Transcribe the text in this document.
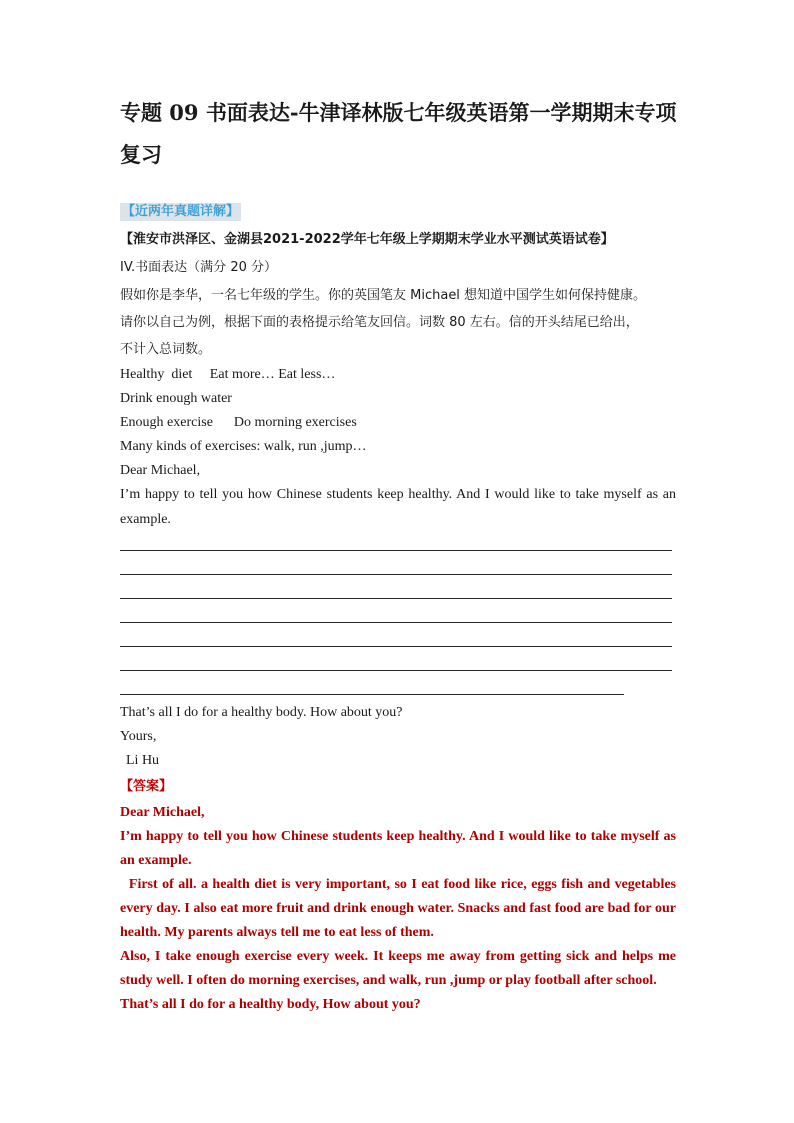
专题 09 书面表达-牛津译林版七年级英语第一学期期末专项复习
【近两年真题详解】
【淮安市洪泽区、金湖县2021-2022学年七年级上学期期末学业水平测试英语试卷】
IV.书面表达（满分 20 分）
假如你是李华，一名七年级的学生。你的英国笔友 Michael 想知道中国学生如何保持健康。
请你以自己为例，根据下面的表格提示给笔友回信。词数 80 左右。信的开头结尾已给出，
不计入总词数。
Healthy  diet     Eat more… Eat less…
Drink enough water
Enough exercise      Do morning exercises
Many kinds of exercises: walk, run ,jump…
Dear Michael,
I’m happy to tell you how Chinese students keep healthy. And I would like to take myself as an example.
That’s all I do for a healthy body. How about you?
Yours,
Li Hu
【答案】
Dear Michael,
I’m happy to tell you how Chinese students keep healthy. And I would like to take myself as an example.
First of all. a health diet is very important, so I eat food like rice, eggs fish and vegetables every day. I also eat more fruit and drink enough water. Snacks and fast food are bad for our health. My parents always tell me to eat less of them.
Also, I take enough exercise every week. It keeps me away from getting sick and helps me study well. I often do morning exercises, and walk, run ,jump or play football after school.
That’s all I do for a healthy body, How about you?
